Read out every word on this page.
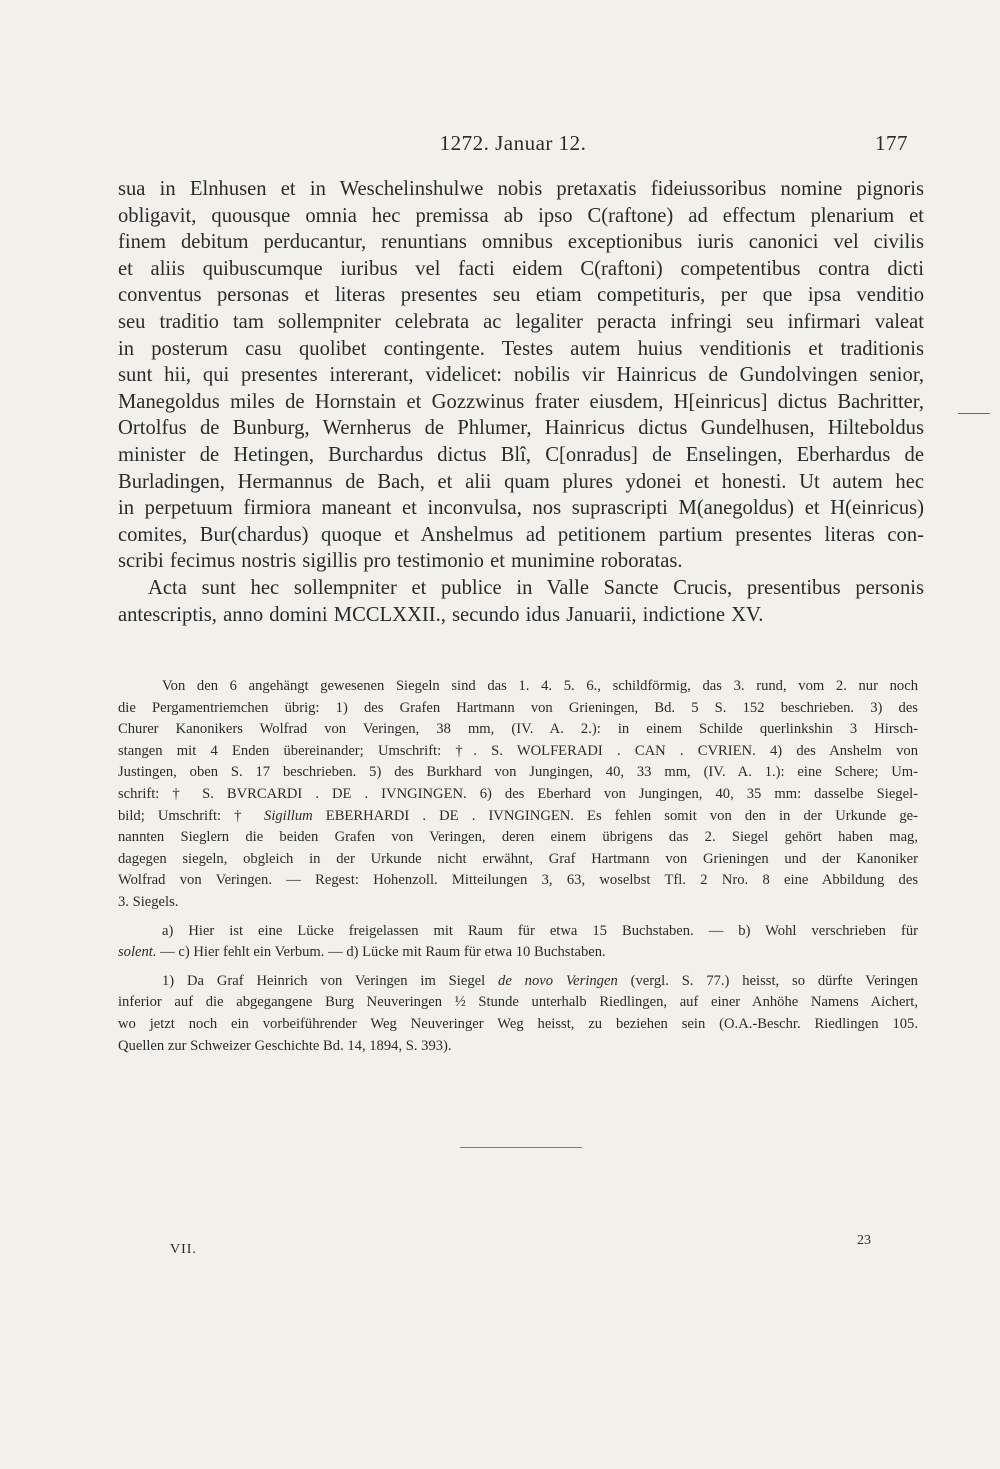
1272. Januar 12.	177
sua in Elnhusen et in Weschelinshulwe nobis pretaxatis fideiussoribus nomine pignoris
obligavit, quousque omnia hec premissa ab ipso C(raftone) ad effectum plenarium et
finem debitum perducantur, renuntians omnibus exceptionibus iuris canonici vel civilis
et aliis quibuscumque iuribus vel facti eidem C(raftoni) competentibus contra dicti
conventus personas et literas presentes seu etiam competituris, per que ipsa venditio
seu traditio tam sollempniter celebrata ac legaliter peracta infringi seu infirmari valeat
in posterum casu quolibet contingente. Testes autem huius venditionis et traditionis
sunt hii, qui presentes intererant, videlicet: nobilis vir Hainricus de Gundolvingen senior,
Manegoldus miles de Hornstain et Gozzwinus frater eiusdem, H[einricus] dictus Bachritter,
Ortolfus de Bunburg, Wernherus de Phlumer, Hainricus dictus Gundelhusen, Hilteboldus
minister de Hetingen, Burchardus dictus Blî, C[onradus] de Enselingen, Eberhardus de
Burladingen, Hermannus de Bach, et alii quam plures ydonei et honesti. Ut autem hec
in perpetuum firmiora maneant et inconvulsa, nos suprascripti M(anegoldus) et H(einricus)
comites, Bur(chardus) quoque et Anshelmus ad petitionem partium presentes literas con-
scribi fecimus nostris sigillis pro testimonio et munimine roboratas.
Acta sunt hec sollempniter et publice in Valle Sancte Crucis, presentibus personis
antescriptis, anno domini MCCLXXII., secundo idus Januarii, indictione XV.
Von den 6 angehängt gewesenen Siegeln sind das 1. 4. 5. 6., schildförmig, das 3. rund, vom 2. nur noch
die Pergamentriemchen übrig: 1) des Grafen Hartmann von Grieningen, Bd. 5 S. 152 beschrieben. 3) des
Churer Kanonikers Wolfrad von Veringen, 38 mm, (IV. A. 2.): in einem Schilde querlinkshin 3 Hirsch-
stangen mit 4 Enden übereinander; Umschrift: †. S. WOLFERADI . CAN . CVRIEN. 4) des Anshelm von
Justingen, oben S. 17 beschrieben. 5) des Burkhard von Jungingen, 40, 33 mm, (IV. A. 1.): eine Schere; Um-
schrift: † S. BVRCARDI . DE . IVNGINGEN. 6) des Eberhard von Jungingen, 40, 35 mm: dasselbe Siegel-
bild; Umschrift: † Sigillum EBERHARDI . DE . IVNGINGEN. Es fehlen somit von den in der Urkunde ge-
nannten Sieglern die beiden Grafen von Veringen, deren einem übrigens das 2. Siegel gehört haben mag,
dagegen siegeln, obgleich in der Urkunde nicht erwähnt, Graf Hartmann von Grieningen und der Kanoniker
Wolfrad von Veringen. — Regest: Hohenzoll. Mitteilungen 3, 63, woselbst Tfl. 2 Nro. 8 eine Abbildung des
3. Siegels.
a) Hier ist eine Lücke freigelassen mit Raum für etwa 15 Buchstaben. — b) Wohl verschrieben für
solent. — c) Hier fehlt ein Verbum. — d) Lücke mit Raum für etwa 10 Buchstaben.
1) Da Graf Heinrich von Veringen im Siegel de novo Veringen (vergl. S. 77.) heisst, so dürfte Veringen
inferior auf die abgegangene Burg Neuveringen ½ Stunde unterhalb Riedlingen, auf einer Anhöhe Namens Aichert,
wo jetzt noch ein vorbeiführender Weg Neuveringer Weg heisst, zu beziehen sein (O.A.-Beschr. Riedlingen 105.
Quellen zur Schweizer Geschichte Bd. 14, 1894, S. 393).
VII.
23
